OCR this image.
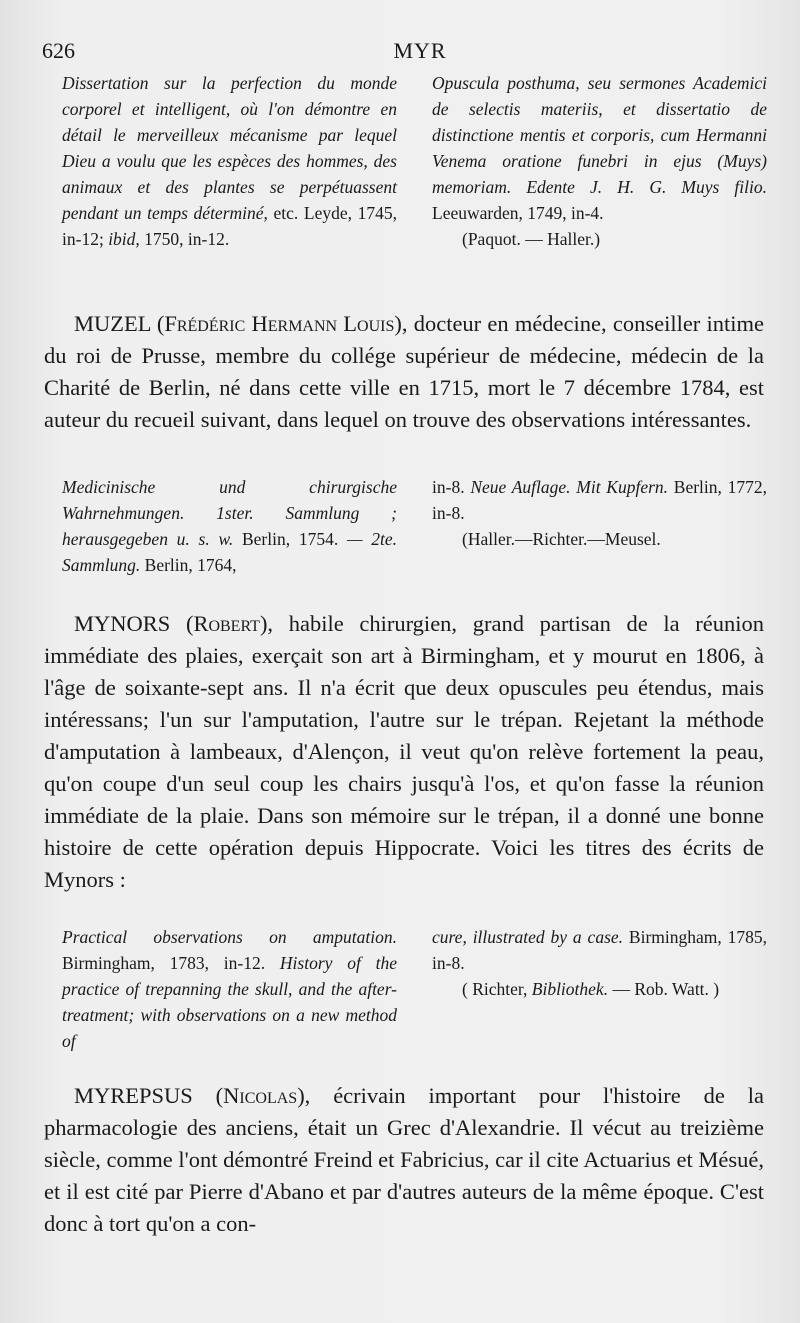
626	MYR

Dissertation sur la perfection du monde corporel et intelligent, où l'on démontre en détail le merveilleux mécanisme par lequel Dieu a voulu que les espèces des hommes, des animaux et des plantes se perpétuassent pendant un temps déterminé, etc. Leyde, 1745, in-12; ibid, 1750, in-12.

Opuscula posthuma, seu sermones Academici de selectis materiis, et dissertatio de distinctione mentis et corporis, cum Hermanni Venema oratione funebri in ejus (Muys) memoriam. Edente J. H. G. Muys filio. Leeuwarden, 1749, in-4.

(Paquot. — Haller.)

MUZEL (Frédéric Hermann Louis), docteur en médecine, conseiller intime du roi de Prusse, membre du collége supérieur de médecine, médecin de la Charité de Berlin, né dans cette ville en 1715, mort le 7 décembre 1784, est auteur du recueil suivant, dans lequel on trouve des observations intéressantes.

Medicinische und chirurgische Wahrnehmungen. 1ster. Sammlung ; herausgegeben u. s. w. Berlin, 1754. — 2te. Sammlung. Berlin, 1764,

in-8. Neue Auflage. Mit Kupfern. Berlin, 1772, in-8.

(Haller.—Richter.—Meusel.

MYNORS (Robert), habile chirurgien, grand partisan de la réunion immédiate des plaies, exerçait son art à Birmingham, et y mourut en 1806, à l'âge de soixante-sept ans. Il n'a écrit que deux opuscules peu étendus, mais intéressans; l'un sur l'amputation, l'autre sur le trépan. Rejetant la méthode d'amputation à lambeaux, d'Alençon, il veut qu'on relève fortement la peau, qu'on coupe d'un seul coup les chairs jusqu'à l'os, et qu'on fasse la réunion immédiate de la plaie. Dans son mémoire sur le trépan, il a donné une bonne histoire de cette opération depuis Hippocrate. Voici les titres des écrits de Mynors :

Practical observations on amputation. Birmingham, 1783, in-12. History of the practice of trepanning the skull, and the after-treatment; with observations on a new method of

cure, illustrated by a case. Birmingham, 1785, in-8.

( Richter, Bibliothek. — Rob. Watt. )

MYREPSUS (Nicolas), écrivain important pour l'histoire de la pharmacologie des anciens, était un Grec d'Alexandrie. Il vécut au treizième siècle, comme l'ont démontré Freind et Fabricius, car il cite Actuarius et Mésué, et il est cité par Pierre d'Abano et par d'autres auteurs de la même époque. C'est donc à tort qu'on a con-
